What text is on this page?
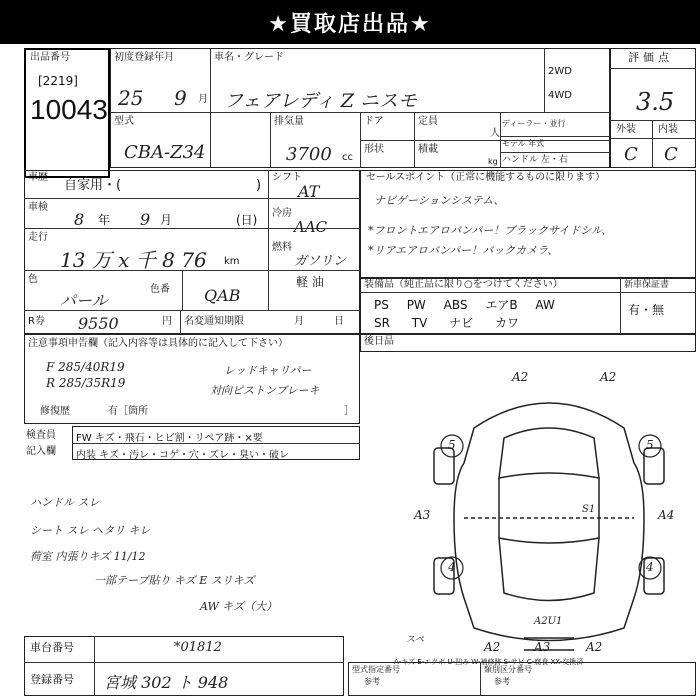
★買取店出品★
出品番号
[2219]
10043
初度登録年月
25 9 月
型式
CBA-Z34
車名・グレード
フェアレディ Z ニスモ
2WD
4WD
排気量
3700 cc
ドア	定員
人
形状	積載
kg
ディーラー・並行
モデル 年式
ハンドル 左・右
評価点
3.5
外装 内装
C C
車歴
自家用・(	)
車検
8 年 9 月	(日)
走行
13 万 x 千 8 76 km
色
パール
色番 QAB
R券 9550	円 名変通知期限	月	日
シフト
AT
冷房
AAC
燃料
ガソリン
軽 油
セールスポイント（正常に機能するものに限ります）
ナビゲーションシステム、
*フロントエアロバンパー！ブラックサイドシル、
*リアエアロバンパー！バックカメラ、
装備品（純正品に限り○をつけてください）	新車保証書
有・無
PS PW ABS エアB AW
SR TV ナビ カワ
後日品
注意事項申告欄（記入内容等は具体的に記入して下さい）
F 285/40R19
R 285/35R19
レッドキャリパー
対向ピストンブレーキ
修復歴	有［箇所	］
検査員
記入欄
FW キズ・飛石・ヒビ割・リペア跡・×要
内装 キズ・汚レ・コゲ・穴・ズレ・臭い・破レ
ハンドル スレ
シート スレ ヘタリ キレ
荷室 内張りキズ 11/12
一部テープ貼り キズ E スリキズ
AW キズ（大）
A2	A2
5	5
A3	A4
4	4
A2U1
A2	A3	A2
S1
スペ
A-キズ E-エクボ U-凹み W-補修跡 S-サビ C-腐食 XX-交換済
車台番号	*01812
登録番号 宮城 302 ト 948
型式指定番号
参考
類別区分番号
参考
